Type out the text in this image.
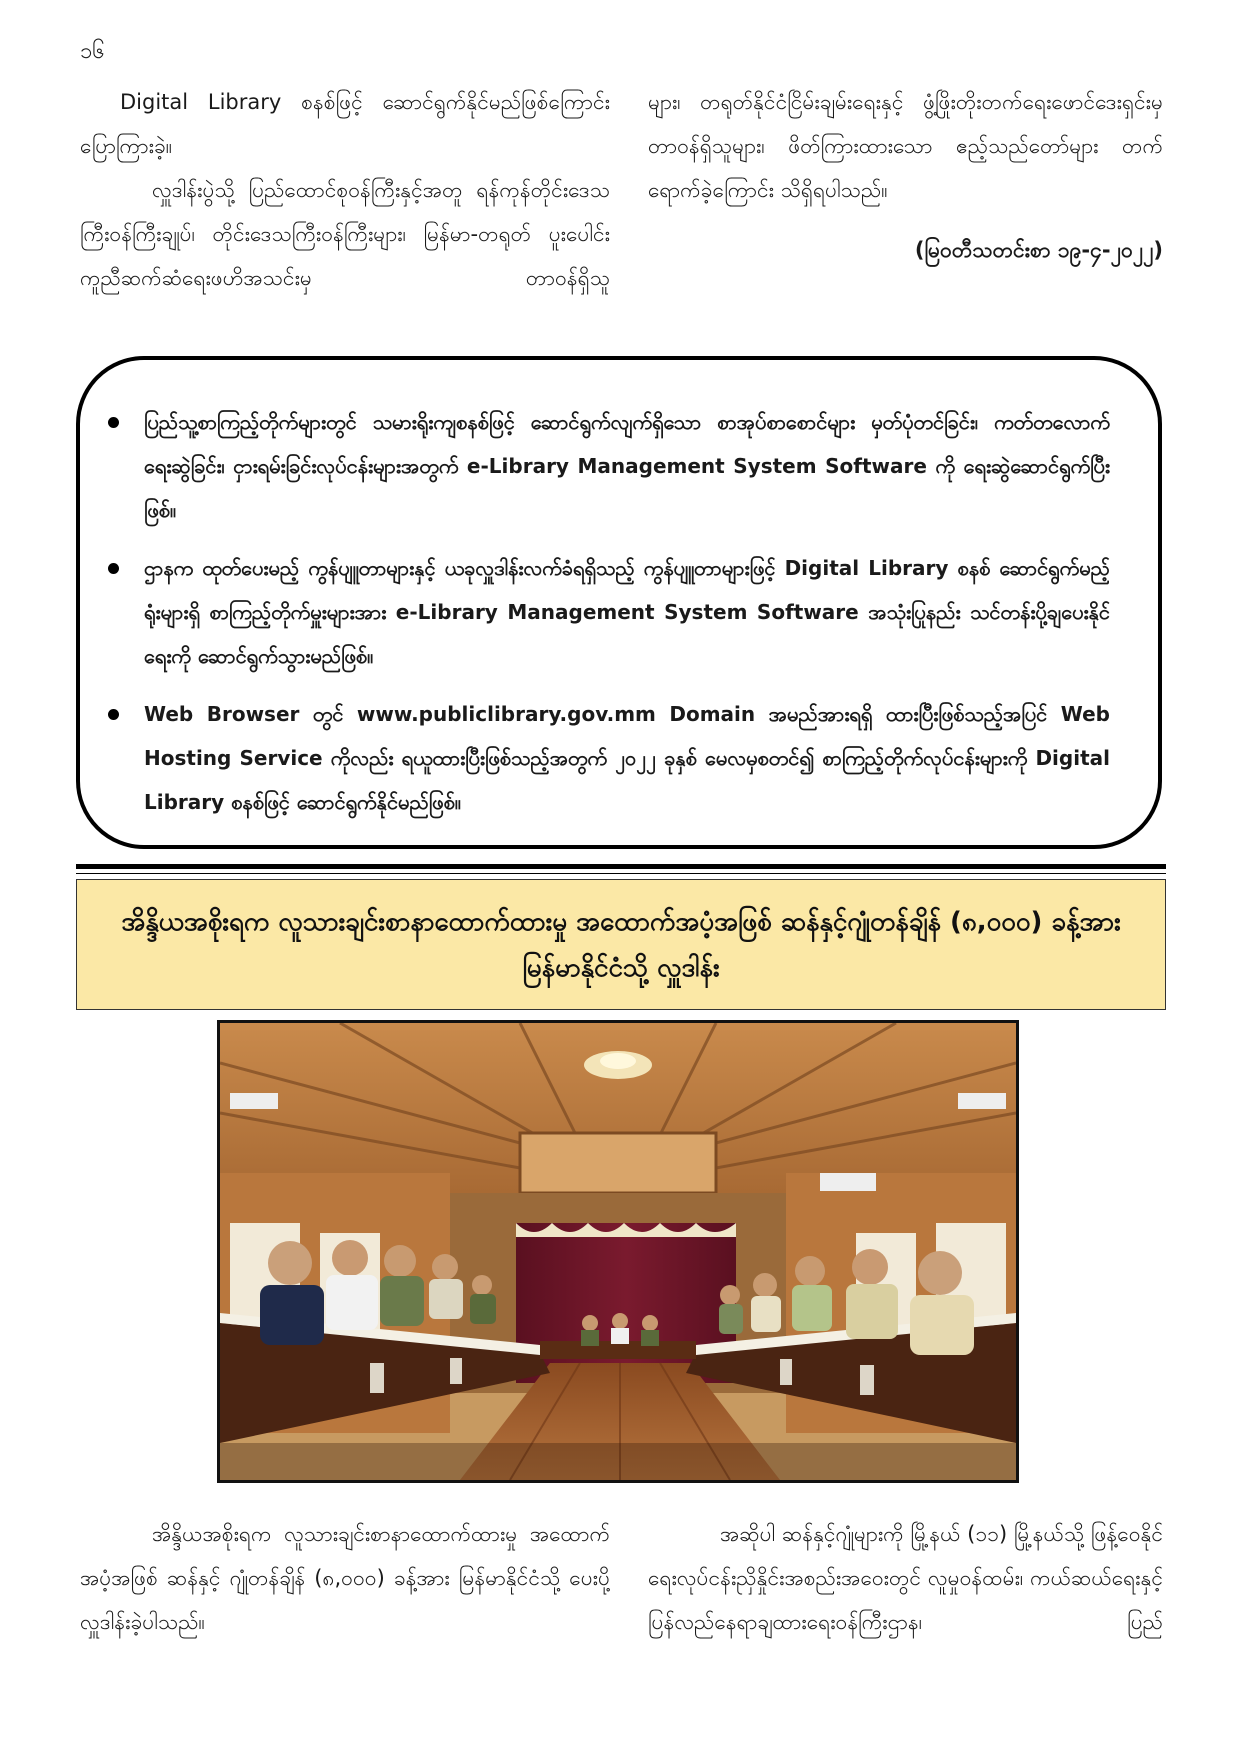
၁၆

Digital Library စနစ်ဖြင့် ဆောင်ရွက်နိုင်မည်ဖြစ်ကြောင်း ပြောကြားခဲ့။

လှူဒါန်းပွဲသို့ ပြည်ထောင်စုဝန်ကြီးနှင့်အတူ ရန်ကုန်တိုင်းဒေသကြီးဝန်ကြီးချုပ်၊ တိုင်းဒေသကြီးဝန်ကြီးများ၊ မြန်မာ-တရုတ် ပူးပေါင်းကူညီဆက်ဆံရေးဖဟိအသင်းမှ တာဝန်ရှိသူ

များ၊ တရုတ်နိုင်ငံငြိမ်းချမ်းရေးနှင့် ဖွံ့ဖြိုးတိုးတက်ရေးဖောင်ဒေးရှင်းမှ တာဝန်ရှိသူများ၊ ဖိတ်ကြားထားသော ဧည့်သည်တော်များ တက်ရောက်ခဲ့ကြောင်း သိရှိရပါသည်။

(မြဝတီသတင်းစာ ၁၉-၄-၂၀၂၂)

ပြည်သူ့စာကြည့်တိုက်များတွင် သမားရိုးကျစနစ်ဖြင့် ဆောင်ရွက်လျက်ရှိသော စာအုပ်စာစောင်များ မှတ်ပုံတင်ခြင်း၊ ကတ်တလောက်ရေးဆွဲခြင်း၊ ငှားရမ်းခြင်းလုပ်ငန်းများအတွက် e-Library Management System Software ကို ရေးဆွဲဆောင်ရွက်ပြီးဖြစ်။
ဌာနက ထုတ်ပေးမည့် ကွန်ပျူတာများနှင့် ယခုလှူဒါန်းလက်ခံရရှိသည့် ကွန်ပျူတာများဖြင့် Digital Library စနစ် ဆောင်ရွက်မည့် ရုံးများရှိ စာကြည့်တိုက်မှူးများအား e-Library Management System Software အသုံးပြုနည်း သင်တန်းပို့ချပေးနိုင်ရေးကို ဆောင်ရွက်သွားမည်ဖြစ်။
Web Browser တွင် www.publiclibrary.gov.mm Domain အမည်အားရရှိ ထားပြီးဖြစ်သည့်အပြင် Web Hosting Service ကိုလည်း ရယူထားပြီးဖြစ်သည့်အတွက် ၂၀၂၂ ခုနှစ် မေလမှစတင်၍ စာကြည့်တိုက်လုပ်ငန်းများကို Digital Library စနစ်ဖြင့် ဆောင်ရွက်နိုင်မည်ဖြစ်။
အိန္ဒိယအစိုးရက လူသားချင်းစာနာထောက်ထားမှု အထောက်အပံ့အဖြစ် ဆန်နှင့်ဂျုံတန်ချိန် (၈,၀၀၀) ခန့်အား မြန်မာနိုင်ငံသို့ လှူဒါန်း

အိန္ဒိယအစိုးရက လူသားချင်းစာနာထောက်ထားမှု အထောက်အပံ့အဖြစ် ဆန်နှင့် ဂျုံတန်ချိန် (၈,၀၀၀) ခန့်အား မြန်မာနိုင်ငံသို့ ပေးပို့လှူဒါန်းခဲ့ပါသည်။

အဆိုပါ ဆန်နှင့်ဂျုံများကို မြို့နယ် (၁၁) မြို့နယ်သို့ ဖြန့်ဝေနိုင်ရေးလုပ်ငန်းညှိနှိုင်းအစည်းအဝေးတွင် လူမှုဝန်ထမ်း၊ ကယ်ဆယ်ရေးနှင့် ပြန်လည်နေရာချထားရေးဝန်ကြီးဌာန၊ ပြည်
